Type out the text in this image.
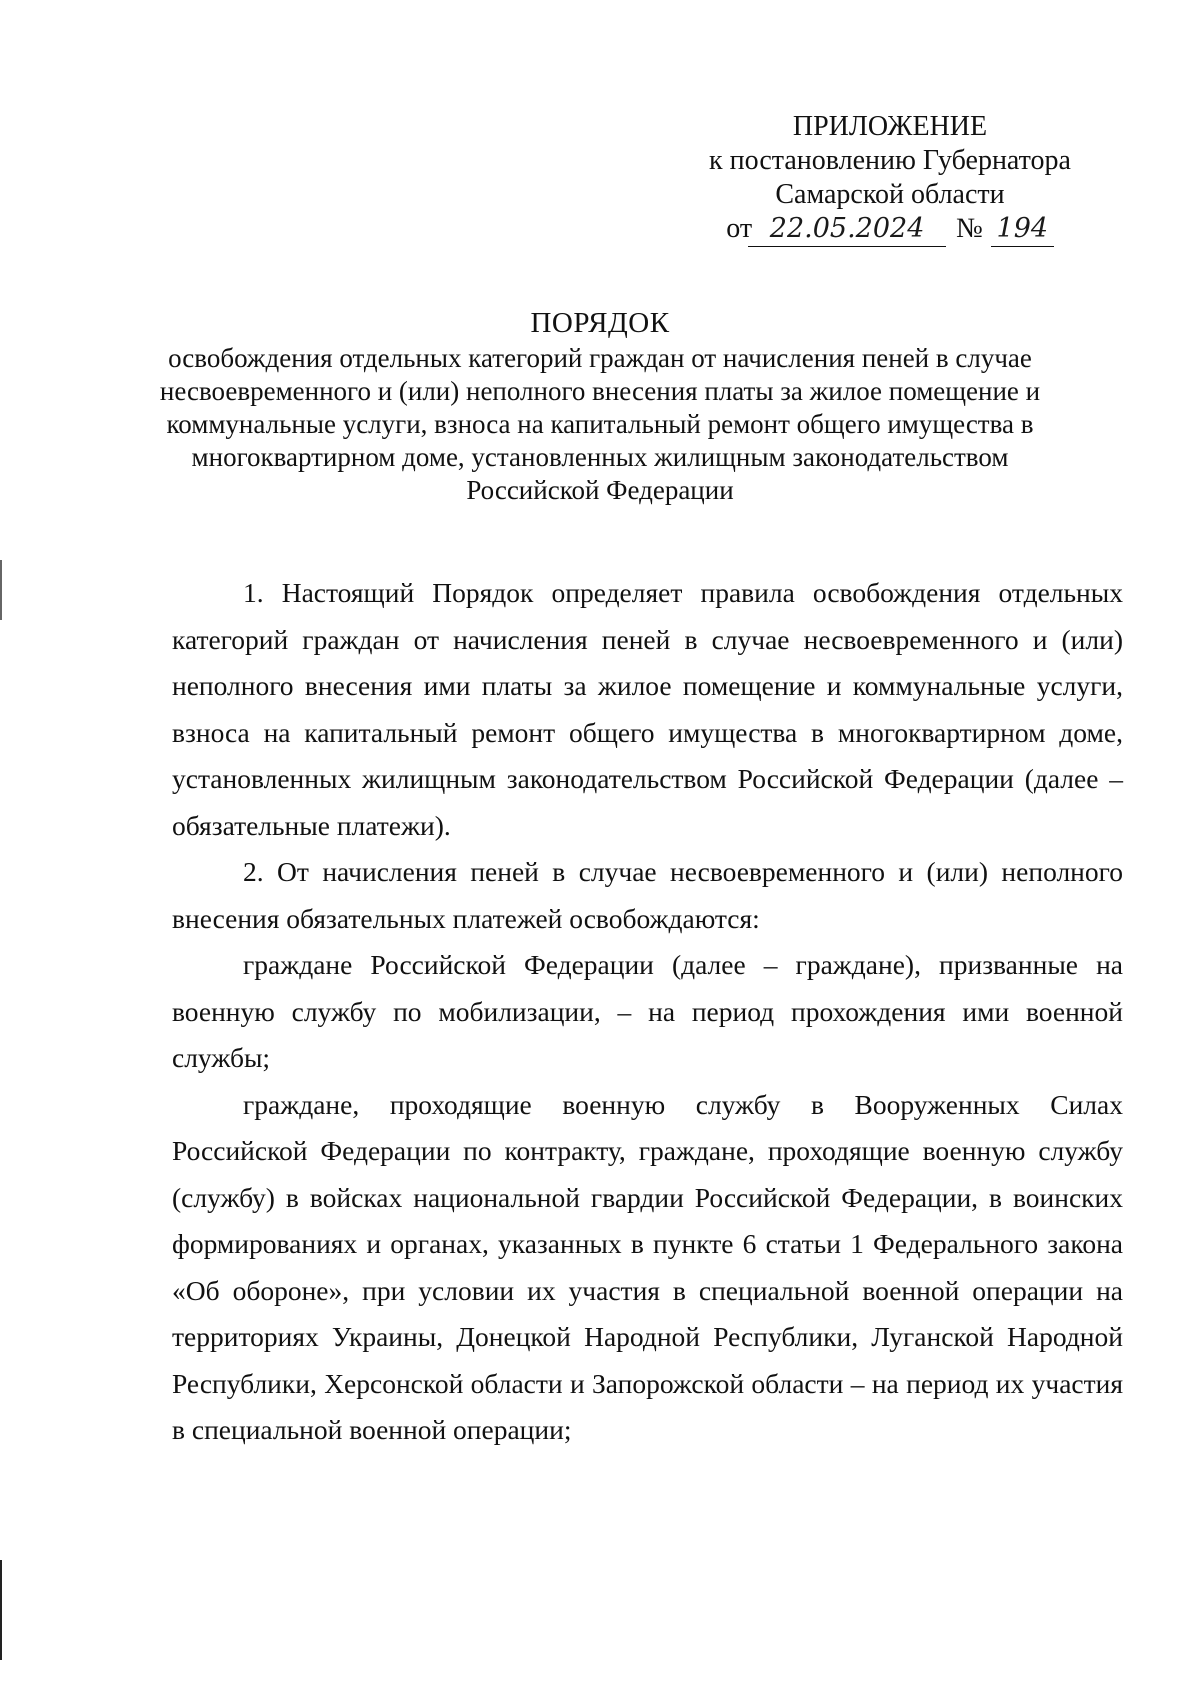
ПРИЛОЖЕНИЕ
к постановлению Губернатора
Самарской области
от 22.05.2024	№ 194
ПОРЯДОК
освобождения отдельных категорий граждан от начисления пеней в случае
несвоевременного и (или) неполного внесения платы за жилое помещение и
коммунальные услуги, взноса на капитальный ремонт общего имущества в
многоквартирном доме, установленных жилищным законодательством
Российской Федерации

1. Настоящий Порядок определяет правила освобождения отдельных категорий граждан от начисления пеней в случае несвоевременного и (или) неполного внесения ими платы за жилое помещение и коммунальные услуги, взноса на капитальный ремонт общего имущества в многоквартирном доме, установленных жилищным законодательством Российской Федерации (далее – обязательные платежи).

2. От начисления пеней в случае несвоевременного и (или) неполного внесения обязательных платежей освобождаются:

граждане Российской Федерации (далее – граждане), призванные на военную службу по мобилизации, – на период прохождения ими военной службы;

граждане, проходящие военную службу в Вооруженных Силах Российской Федерации по контракту, граждане, проходящие военную службу (службу) в войсках национальной гвардии Российской Федерации, в воинских формированиях и органах, указанных в пункте 6 статьи 1 Федерального закона «Об обороне», при условии их участия в специальной военной операции на территориях Украины, Донецкой Народной Республики, Луганской Народной Республики, Херсонской области и Запорожской области – на период их участия в специальной военной операции;
